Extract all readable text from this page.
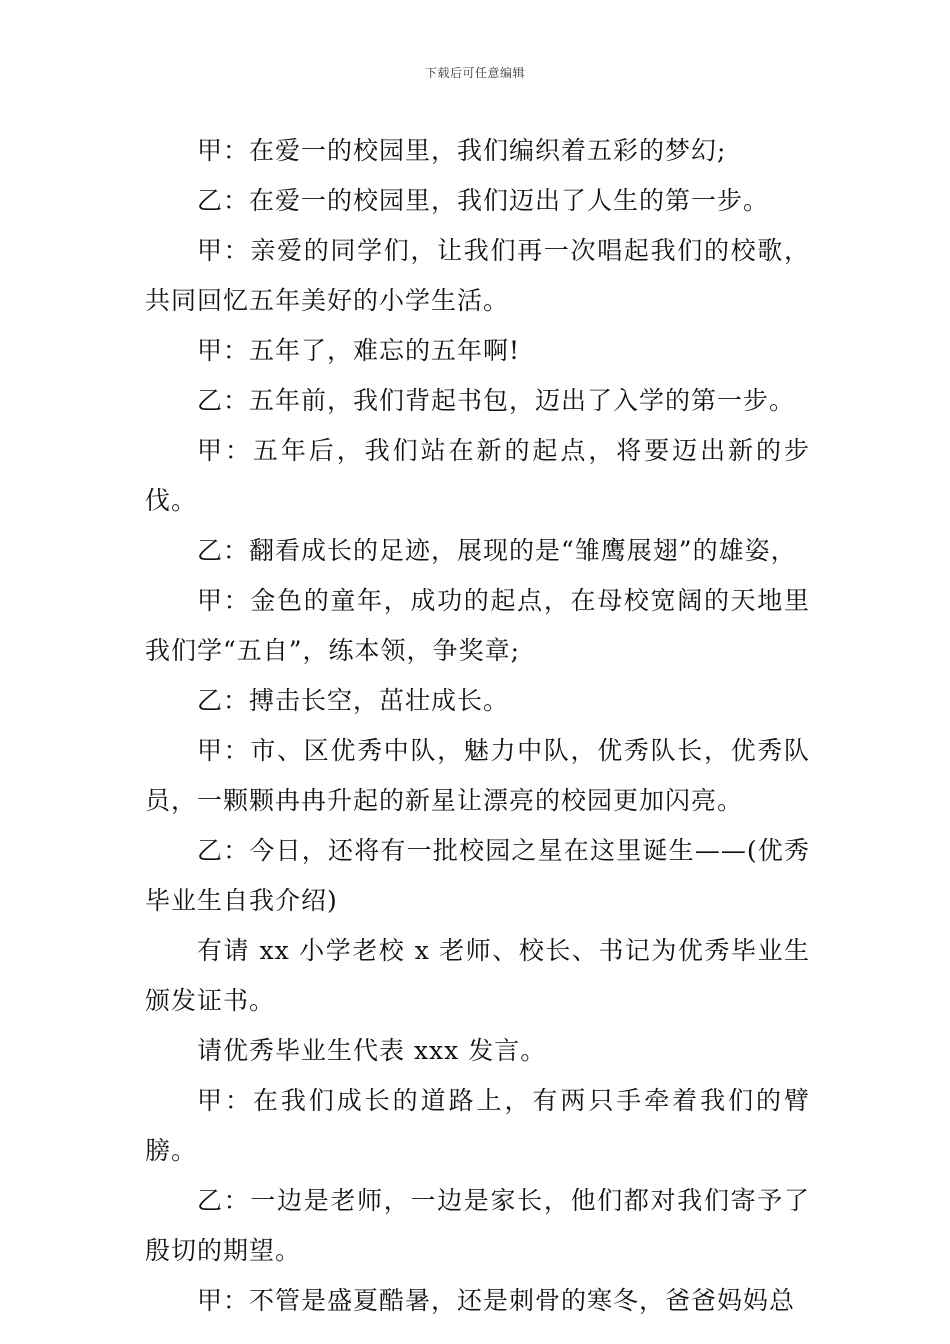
下载后可任意编辑

甲：在爱一的校园里，我们编织着五彩的梦幻;

乙：在爱一的校园里，我们迈出了人生的第一步。

甲：亲爱的同学们，让我们再一次唱起我们的校歌，共同回忆五年美好的小学生活。

甲：五年了，难忘的五年啊!

乙：五年前，我们背起书包，迈出了入学的第一步。

甲：五年后，我们站在新的起点，将要迈出新的步伐。

乙：翻看成长的足迹，展现的是“雏鹰展翅”的雄姿，

甲：金色的童年，成功的起点，在母校宽阔的天地里我们学“五自”，练本领，争奖章;

乙：搏击长空，茁壮成长。

甲：市、区优秀中队，魅力中队，优秀队长，优秀队员，一颗颗冉冉升起的新星让漂亮的校园更加闪亮。

乙：今日，还将有一批校园之星在这里诞生——(优秀毕业生自我介绍)

有请 xx 小学老校 x 老师、校长、书记为优秀毕业生颁发证书。

请优秀毕业生代表 xxx 发言。

甲：在我们成长的道路上，有两只手牵着我们的臂膀。

乙：一边是老师，一边是家长，他们都对我们寄予了殷切的期望。

甲：不管是盛夏酷暑，还是刺骨的寒冬，爸爸妈妈总
